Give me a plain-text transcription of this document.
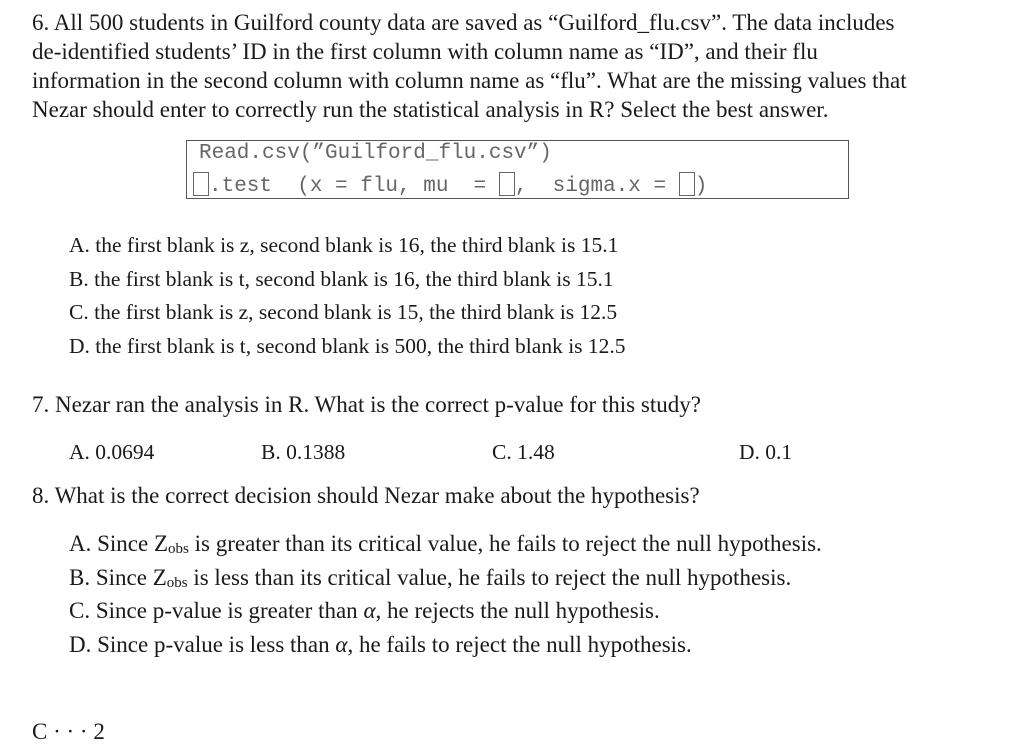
6. All 500 students in Guilford county data are saved as “Guilford_flu.csv”. The data includes
de-identified students’ ID in the first column with column name as “ID”, and their flu
information in the second column with column name as “flu”. What are the missing values that
Nezar should enter to correctly run the statistical analysis in R? Select the best answer.

Read.csv(”Guilford_flu.csv”)
.test  (x = flu, mu  = ,  sigma.x = )
A. the first blank is z, second blank is 16, the third blank is 15.1
B. the first blank is t, second blank is 16, the third blank is 15.1
C. the first blank is z, second blank is 15, the third blank is 12.5
D. the first blank is t, second blank is 500, the third blank is 12.5

7. Nezar ran the analysis in R. What is the correct p-value for this study?

A. 0.0694	B. 0.1388	C. 1.48	D. 0.1

8. What is the correct decision should Nezar make about the hypothesis?

A. Since Zobs is greater than its critical value, he fails to reject the null hypothesis.
B. Since Zobs is less than its critical value, he fails to reject the null hypothesis.
C. Since p-value is greater than α, he rejects the null hypothesis.
D. Since p-value is less than α, he fails to reject the null hypothesis.
C · · · 2
